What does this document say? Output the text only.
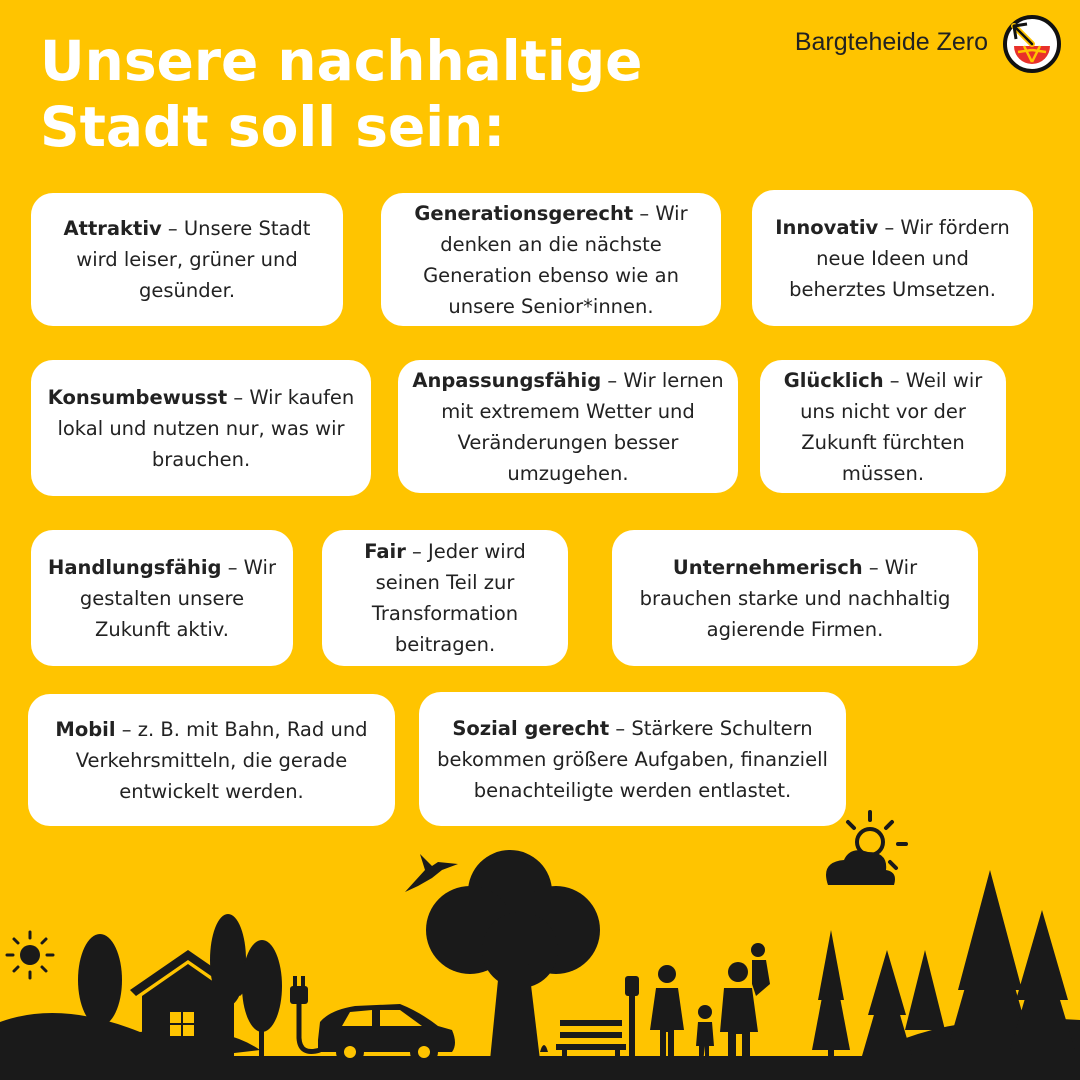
Unsere nachhaltige
Stadt soll sein:
Bargteheide Zero

Attraktiv – Unsere Stadt wird leiser, grüner und gesünder.

Generationsgerecht – Wir denken an die nächste Generation ebenso wie an unsere Senior*innen.

Innovativ – Wir fördern neue Ideen und beherztes Umsetzen.

Konsumbewusst – Wir kaufen lokal und nutzen nur, was wir brauchen.

Anpassungsfähig – Wir lernen mit extremem Wetter und Veränderungen besser umzugehen.

Glücklich – Weil wir uns nicht vor der Zukunft fürchten müssen.

Handlungsfähig – Wir gestalten unsere Zukunft aktiv.

Fair – Jeder wird seinen Teil zur Transformation beitragen.

Unternehmerisch – Wir brauchen starke und nachhaltig agierende Firmen.

Mobil – z. B. mit Bahn, Rad und Verkehrsmitteln, die gerade entwickelt werden.

Sozial gerecht – Stärkere Schultern bekommen größere Aufgaben, finanziell benachteiligte werden entlastet.
